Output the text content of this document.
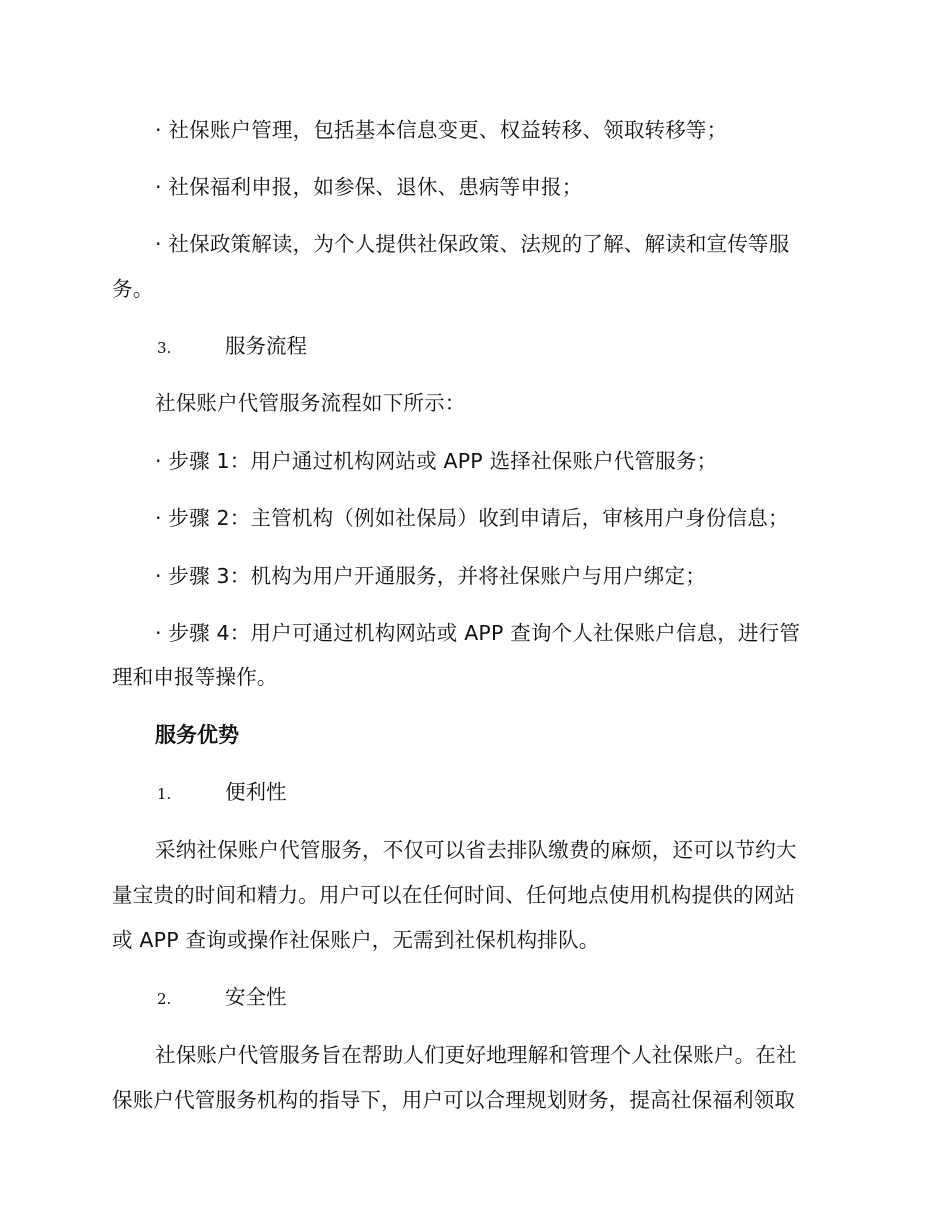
· 社保账户管理，包括基本信息变更、权益转移、领取转移等；
· 社保福利申报，如参保、退休、患病等申报；
· 社保政策解读，为个人提供社保政策、法规的了解、解读和宣传等服
务。
3.	服务流程
社保账户代管服务流程如下所示：
· 步骤 1：用户通过机构网站或 APP 选择社保账户代管服务；
· 步骤 2：主管机构（例如社保局）收到申请后，审核用户身份信息；
· 步骤 3：机构为用户开通服务，并将社保账户与用户绑定；
· 步骤 4：用户可通过机构网站或 APP 查询个人社保账户信息，进行管
理和申报等操作。
服务优势
1.	便利性
采纳社保账户代管服务，不仅可以省去排队缴费的麻烦，还可以节约大
量宝贵的时间和精力。用户可以在任何时间、任何地点使用机构提供的网站
或 APP 查询或操作社保账户，无需到社保机构排队。
2.	安全性
社保账户代管服务旨在帮助人们更好地理解和管理个人社保账户。在社
保账户代管服务机构的指导下，用户可以合理规划财务，提高社保福利领取
